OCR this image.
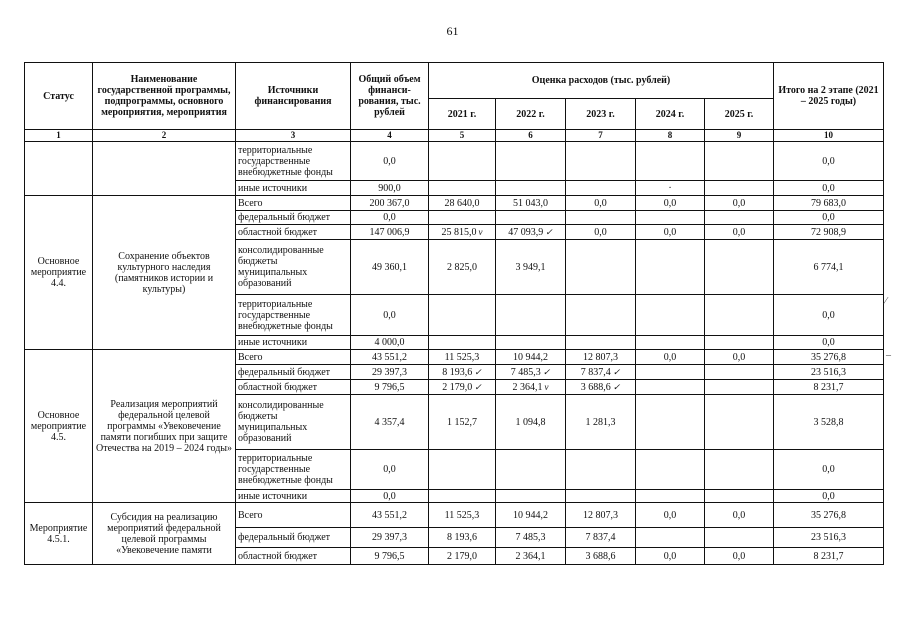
61
Статус	Наименование государственной программы, подпрограммы, основного мероприятия, мероприятия	Источники финансирования	Общий объем финанси-рования, тыс. рублей	Оценка расходов (тыс. рублей)					Итого на 2 этапе (2021 – 2025 годы)
				2021 г.	2022 г.	2023 г.	2024 г.	2025 г.	
1	2	3	4	5	6	7	8	9	10
		территориальные государственные внебюджетные фонды	0,0						0,0
		иные источники	900,0				·		0,0
Основное мероприятие 4.4.	Сохранение объектов культурного наследия (памятников истории и культуры)	Всего	200 367,0	28 640,0	51 043,0	0,0	0,0	0,0	79 683,0
		федеральный бюджет	0,0						0,0
		областной бюджет	147 006,9	25 815,0 v	47 093,9 ✓	0,0	0,0	0,0	72 908,9
		консолидированные бюджеты муниципальных образований	49 360,1	2 825,0	3 949,1				6 774,1
		территориальные государственные внебюджетные фонды	0,0						0,0
		иные источники	4 000,0						0,0
Основное мероприятие 4.5.	Реализация мероприятий федеральной целевой программы «Увековечение памяти погибших при защите Отечества на 2019 – 2024 годы»	Всего	43 551,2	11 525,3	10 944,2	12 807,3	0,0	0,0	35 276,8
		федеральный бюджет	29 397,3	8 193,6 ✓	7 485,3 ✓	7 837,4 ✓			23 516,3
		областной бюджет	9 796,5	2 179,0 ✓	2 364,1 v	3 688,6 ✓			8 231,7
		консолидированные бюджеты муниципальных образований	4 357,4	1 152,7	1 094,8	1 281,3			3 528,8
		территориальные государственные внебюджетные фонды	0,0						0,0
		иные источники	0,0						0,0
Мероприятие 4.5.1.	Субсидия на реализацию мероприятий федеральной целевой программы «Увековечение памяти	Всего	43 551,2	11 525,3	10 944,2	12 807,3	0,0	0,0	35 276,8
		федеральный бюджет	29 397,3	8 193,6	7 485,3	7 837,4			23 516,3
		областной бюджет	9 796,5	2 179,0	2 364,1	3 688,6	0,0	0,0	8 231,7
⁄
–
